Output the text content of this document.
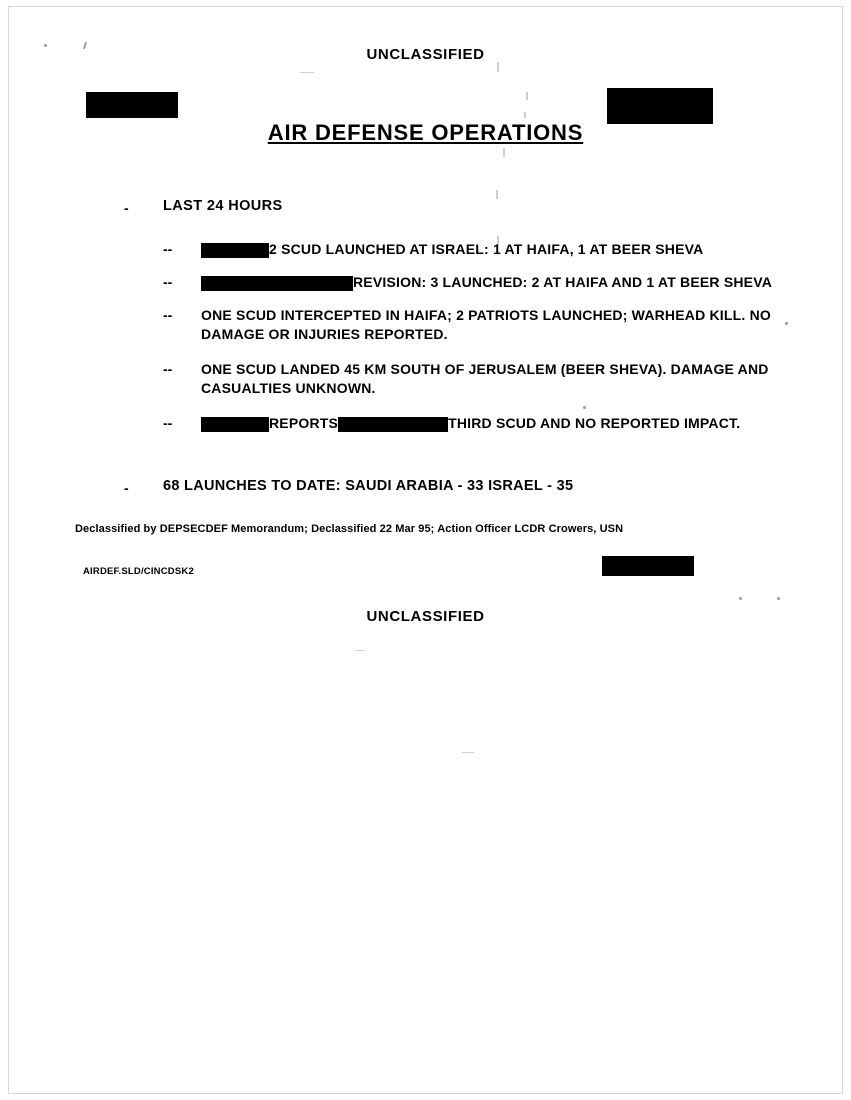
UNCLASSIFIED
AIR DEFENSE OPERATIONS
- LAST 24 HOURS
--	2 SCUD LAUNCHED AT ISRAEL: 1 AT HAIFA, 1 AT BEER SHEVA
--	REVISION: 3 LAUNCHED: 2 AT HAIFA AND 1 AT BEER SHEVA
--	ONE SCUD INTERCEPTED IN HAIFA; 2 PATRIOTS LAUNCHED; WARHEAD KILL. NO DAMAGE OR INJURIES REPORTED.
--	ONE SCUD LANDED 45 KM SOUTH OF JERUSALEM (BEER SHEVA). DAMAGE AND CASUALTIES UNKNOWN.
--	REPORTS	THIRD SCUD AND NO REPORTED IMPACT.
- 68 LAUNCHES TO DATE: SAUDI ARABIA - 33 ISRAEL - 35
Declassified by DEPSECDEF Memorandum; Declassified 22 Mar 95; Action Officer LCDR Crowers, USN
AIRDEF.SLD/CINCDSK2
UNCLASSIFIED
